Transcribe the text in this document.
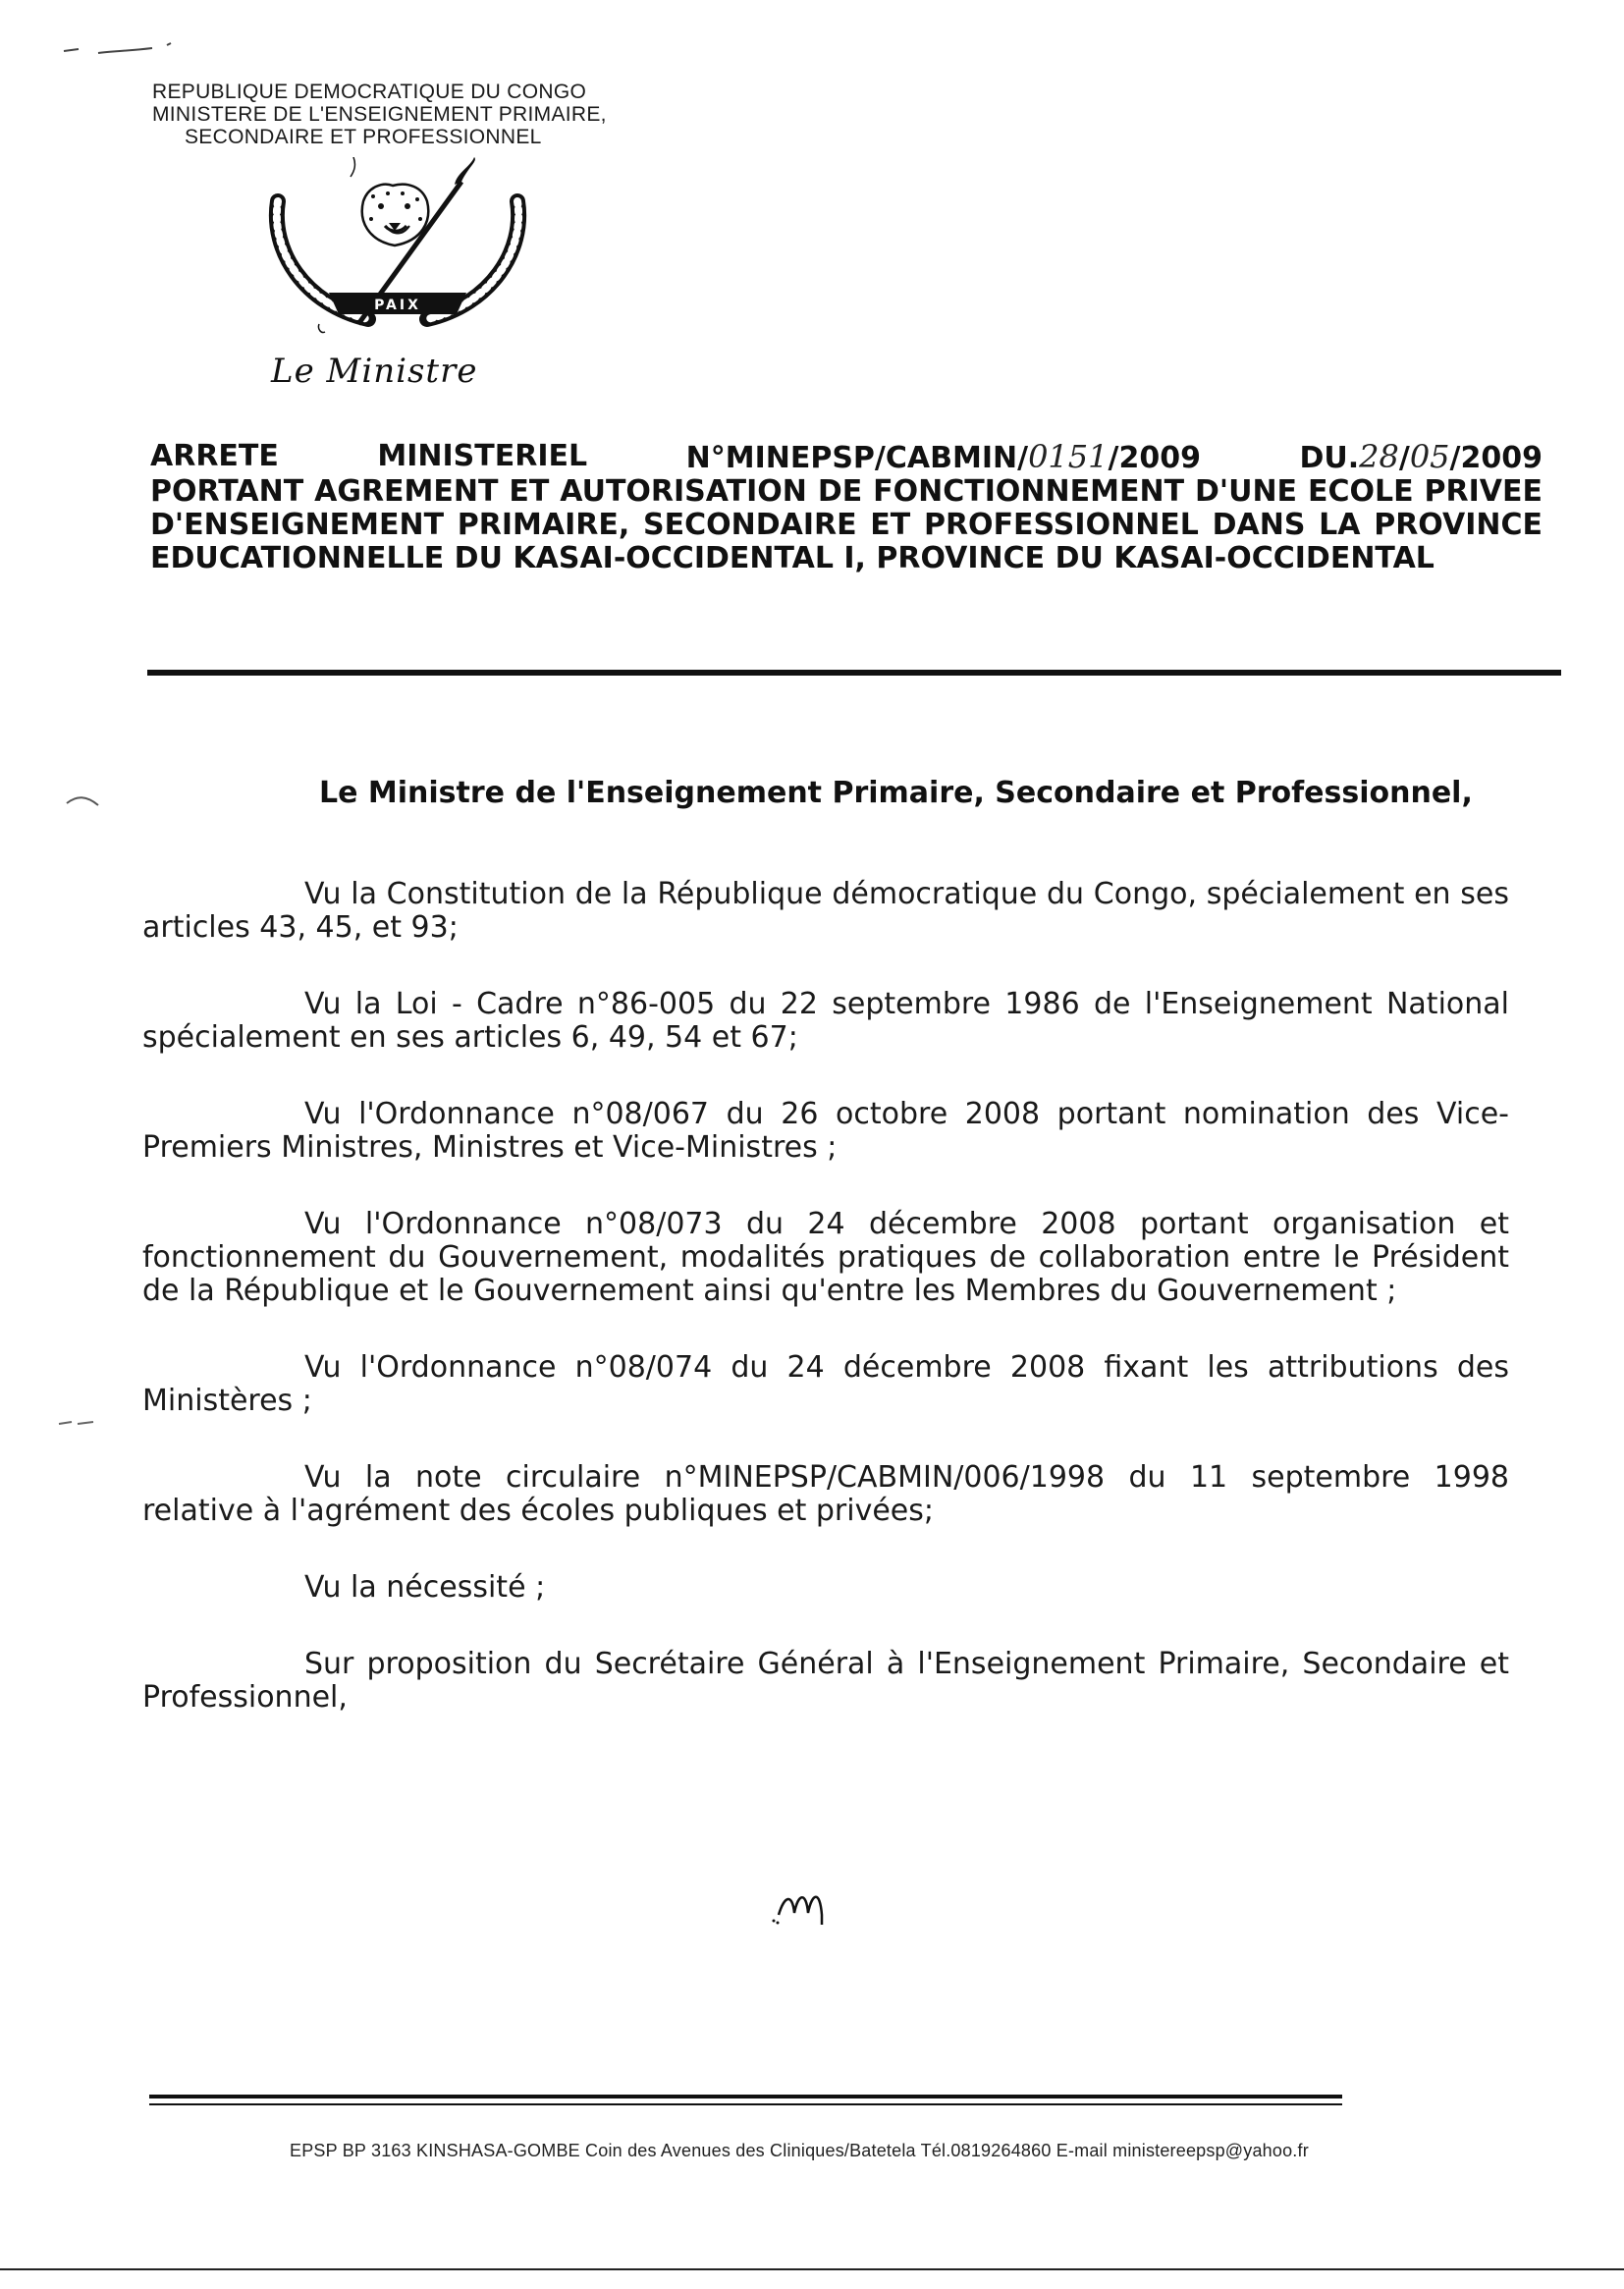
REPUBLIQUE DEMOCRATIQUE DU CONGO
MINISTERE DE L'ENSEIGNEMENT PRIMAIRE,
SECONDAIRE ET PROFESSIONNEL
PAIX
Le Ministre
ARRETE	MINISTERIEL	N°MINEPSP/CABMIN/0151/2009	DU.28/05/2009
PORTANT AGREMENT ET AUTORISATION DE FONCTIONNEMENT D'UNE ECOLE PRIVEE D'ENSEIGNEMENT PRIMAIRE, SECONDAIRE ET PROFESSIONNEL DANS LA PROVINCE EDUCATIONNELLE DU KASAI-OCCIDENTAL I, PROVINCE DU KASAI-OCCIDENTAL
Le Ministre de l'Enseignement Primaire, Secondaire et Professionnel,

Vu la Constitution de la République démocratique du Congo, spécialement en ses articles 43, 45, et 93;

Vu la Loi - Cadre n°86-005 du 22 septembre 1986 de l'Enseignement National spécialement en ses articles 6, 49, 54 et 67;

Vu l'Ordonnance n°08/067 du 26 octobre 2008 portant nomination des Vice-Premiers Ministres, Ministres et Vice-Ministres ;

Vu l'Ordonnance n°08/073 du 24 décembre 2008 portant organisation et fonctionnement du Gouvernement, modalités pratiques de collaboration entre le Président de la République et le Gouvernement ainsi qu'entre les Membres du Gouvernement ;

Vu l'Ordonnance n°08/074 du 24 décembre 2008 fixant les attributions des Ministères ;

Vu la note circulaire n°MINEPSP/CABMIN/006/1998 du 11 septembre 1998 relative à l'agrément des écoles publiques et privées;

Vu la nécessité ;

Sur proposition du Secrétaire Général à l'Enseignement Primaire, Secondaire et Professionnel,

EPSP BP 3163 KINSHASA-GOMBE Coin des Avenues des Cliniques/Batetela Tél.0819264860 E-mail ministereepsp@yahoo.fr
